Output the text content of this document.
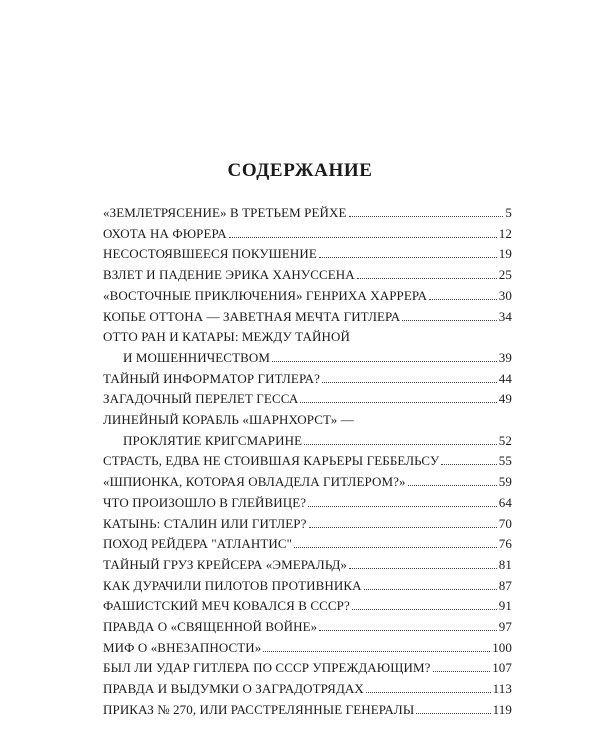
СОДЕРЖАНИЕ
«ЗЕМЛЕТРЯСЕНИЕ» В ТРЕТЬЕМ РЕЙХЕ	5
ОХОТА НА ФЮРЕРА	12
НЕСОСТОЯВШЕЕСЯ ПОКУШЕНИЕ	19
ВЗЛЕТ И ПАДЕНИЕ ЭРИКА ХАНУССЕНА	25
«ВОСТОЧНЫЕ ПРИКЛЮЧЕНИЯ» ГЕНРИХА ХАРРЕРА	30
КОПЬЕ ОТТОНА — ЗАВЕТНАЯ МЕЧТА ГИТЛЕРА	34
ОТТО РАН И КАТАРЫ: МЕЖДУ ТАЙНОЙ
И МОШЕННИЧЕСТВОМ	39
ТАЙНЫЙ ИНФОРМАТОР ГИТЛЕРА?	44
ЗАГАДОЧНЫЙ ПЕРЕЛЕТ ГЕССА	49
ЛИНЕЙНЫЙ КОРАБЛЬ «ШАРНХОРСТ» —
ПРОКЛЯТИЕ КРИГСМАРИНЕ	52
СТРАСТЬ, ЕДВА НЕ СТОИВШАЯ КАРЬЕРЫ ГЕББЕЛЬСУ	55
«ШПИОНКА, КОТОРАЯ ОВЛАДЕЛА ГИТЛЕРОМ?»	59
ЧТО ПРОИЗОШЛО В ГЛЕЙВИЦЕ?	64
КАТЫНЬ: СТАЛИН ИЛИ ГИТЛЕР?	70
ПОХОД РЕЙДЕРА "АТЛАНТИС"	76
ТАЙНЫЙ ГРУЗ КРЕЙСЕРА «ЭМЕРАЛЬД»	81
КАК ДУРАЧИЛИ ПИЛОТОВ ПРОТИВНИКА	87
ФАШИСТСКИЙ МЕЧ КОВАЛСЯ В СССР?	91
ПРАВДА О «СВЯЩЕННОЙ ВОЙНЕ»	97
МИФ О «ВНЕЗАПНОСТИ»	100
БЫЛ ЛИ УДАР ГИТЛЕРА ПО СССР УПРЕЖДАЮЩИМ?	107
ПРАВДА И ВЫДУМКИ О ЗАГРАДОТРЯДАХ	113
ПРИКАЗ № 270, ИЛИ РАССТРЕЛЯННЫЕ ГЕНЕРАЛЫ	119
